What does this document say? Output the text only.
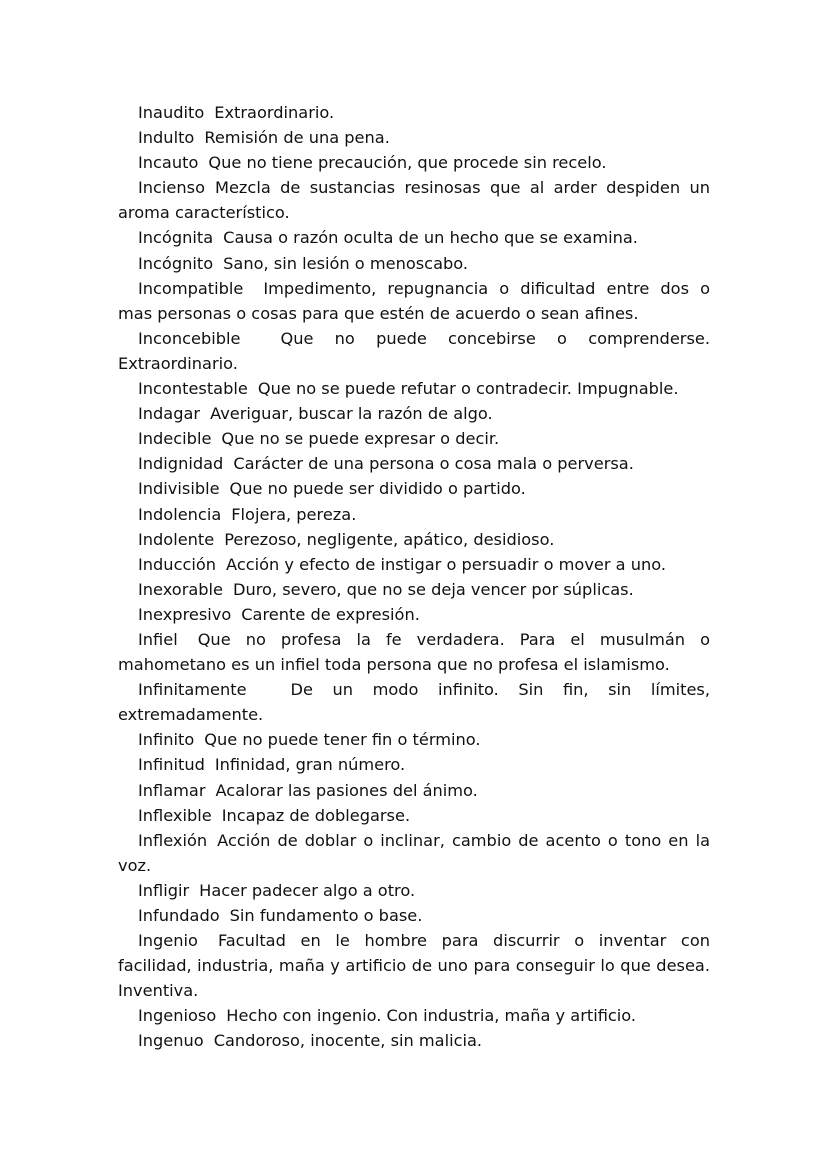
Inaudito Extraordinario.

Indulto Remisión de una pena.

Incauto Que no tiene precaución, que procede sin recelo.

Incienso Mezcla de sustancias resinosas que al arder despiden un aroma característico.

Incógnita Causa o razón oculta de un hecho que se examina.

Incógnito Sano, sin lesión o menoscabo.

Incompatible Impedimento, repugnancia o dificultad entre dos o mas personas o cosas para que estén de acuerdo o sean afines.

Inconcebible Que no puede concebirse o comprenderse. Extraordinario.

Incontestable Que no se puede refutar o contradecir. Impugnable.

Indagar Averiguar, buscar la razón de algo.

Indecible Que no se puede expresar o decir.

Indignidad Carácter de una persona o cosa mala o perversa.

Indivisible Que no puede ser dividido o partido.

Indolencia Flojera, pereza.

Indolente Perezoso, negligente, apático, desidioso.

Inducción Acción y efecto de instigar o persuadir o mover a uno.

Inexorable Duro, severo, que no se deja vencer por súplicas.

Inexpresivo Carente de expresión.

Infiel Que no profesa la fe verdadera. Para el musulmán o mahometano es un infiel toda persona que no profesa el islamismo.

Infinitamente	De un modo infinito. Sin fin, sin límites, extremadamente.

Infinito Que no puede tener fin o término.

Infinitud Infinidad, gran número.

Inflamar Acalorar las pasiones del ánimo.

Inflexible Incapaz de doblegarse.

Inflexión Acción de doblar o inclinar, cambio de acento o tono en la voz.

Infligir Hacer padecer algo a otro.

Infundado Sin fundamento o base.

Ingenio Facultad en le hombre para discurrir o inventar con facilidad, industria, maña y artificio de uno para conseguir lo que desea. Inventiva.

Ingenioso Hecho con ingenio. Con industria, maña y artificio.

Ingenuo Candoroso, inocente, sin malicia.
